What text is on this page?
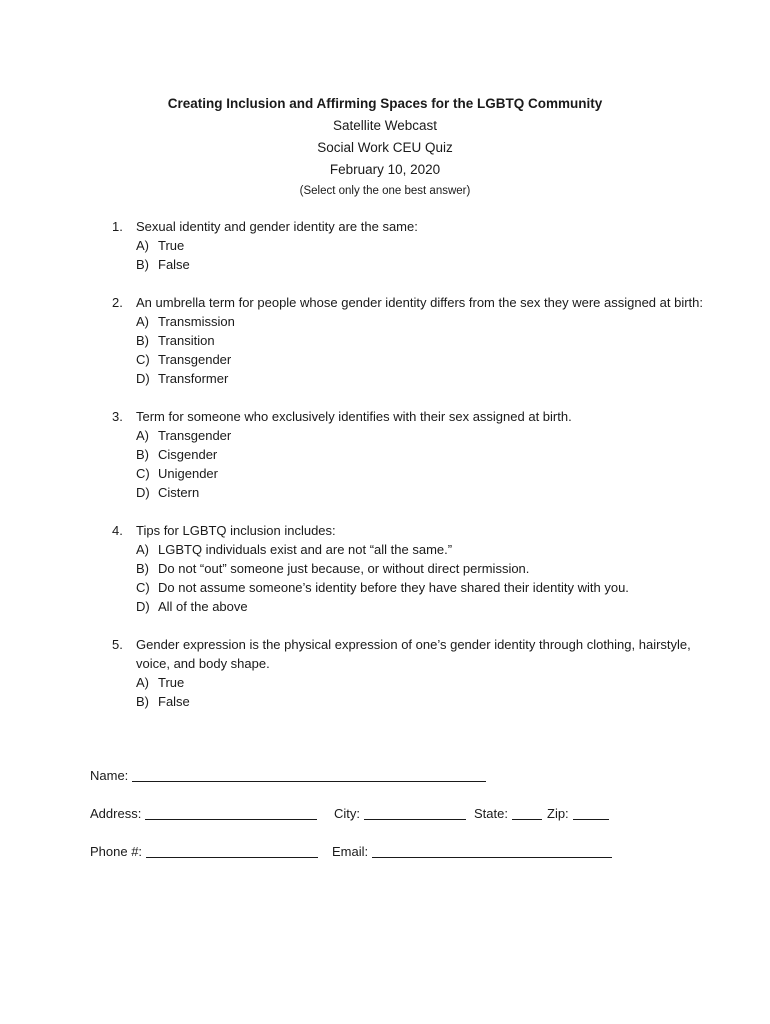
Creating Inclusion and Affirming Spaces for the LGBTQ Community
Satellite Webcast
Social Work CEU Quiz
February 10, 2020
(Select only the one best answer)
1. Sexual identity and gender identity are the same:
A) True
B) False
2. An umbrella term for people whose gender identity differs from the sex they were assigned at birth:
A) Transmission
B) Transition
C) Transgender
D) Transformer
3. Term for someone who exclusively identifies with their sex assigned at birth.
A) Transgender
B) Cisgender
C) Unigender
D) Cistern
4. Tips for LGBTQ inclusion includes:
A) LGBTQ individuals exist and are not “all the same.”
B) Do not “out” someone just because, or without direct permission.
C) Do not assume someone’s identity before they have shared their identity with you.
D) All of the above
5. Gender expression is the physical expression of one’s gender identity through clothing, hairstyle, voice, and body shape.
A) True
B) False
Name:
Address:	City:	State:	Zip:
Phone #:	Email:
